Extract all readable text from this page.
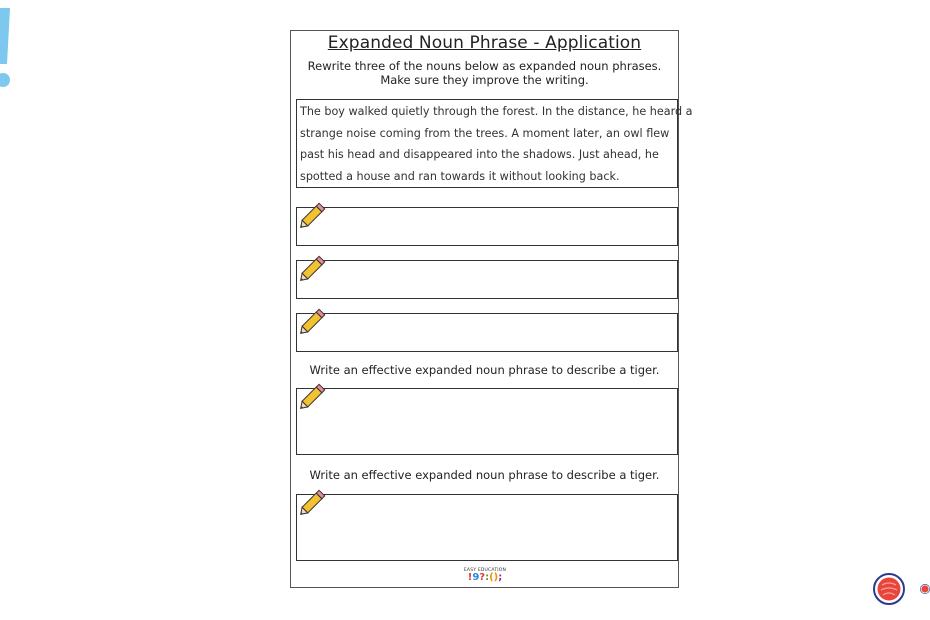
Expanded Noun Phrase - Application
Rewrite three of the nouns below as expanded noun phrases. Make sure they improve the writing.
The boy walked quietly through the forest. In the distance, he heard a
strange noise coming from the trees. A moment later, an owl flew
past his head and disappeared into the shadows. Just ahead, he
spotted a house and ran towards it without looking back.
Write an effective expanded noun phrase to describe a tiger.
Write an effective expanded noun phrase to describe a tiger.
EASY EDUCATION
!9?:();
